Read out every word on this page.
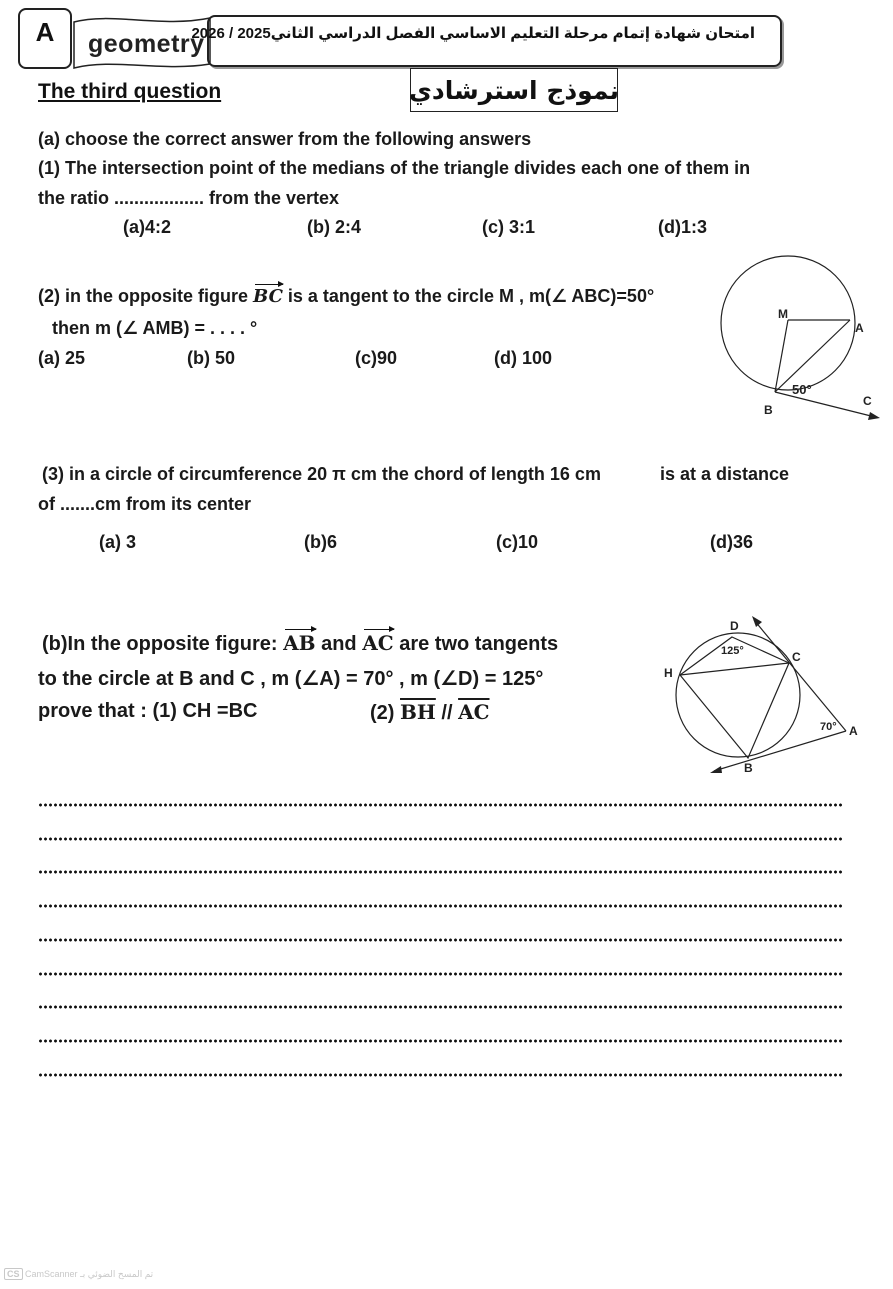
A geometry
امتحان شهادة إتمام مرحلة التعليم الاساسي الفصل الدراسي الثاني2025 / 2026
نموذج استرشادي
The third question
(a) choose the correct answer from the following answers
(1) The intersection point of the medians of the triangle divides each one of them in
the ratio .................. from the vertex
(a)4:2	(b) 2:4	(c) 3:1	(d)1:3
(2) in the opposite figure BC is a tangent to the circle M , m(∠ ABC)=50°
then m (∠ AMB) = . . . . °
(a) 25	(b) 50	(c)90	(d) 100
M
A
B
C
50°
(3) in a circle of circumference 20 π cm the chord of length 16 cm	is at a distance
of .......cm from its center
(a) 3	(b)6	(c)10	(d)36
(b)In the opposite figure: AB and AC are two tangents
to the circle at B and C , m (∠A) = 70° , m (∠D) = 125°
prove that : (1) CH =BC	(2) $\overline{BH} // \overline{AC}$
D
C
H
B
A
125°
70°
CS CamScanner تم المسح الضوئي بـ
